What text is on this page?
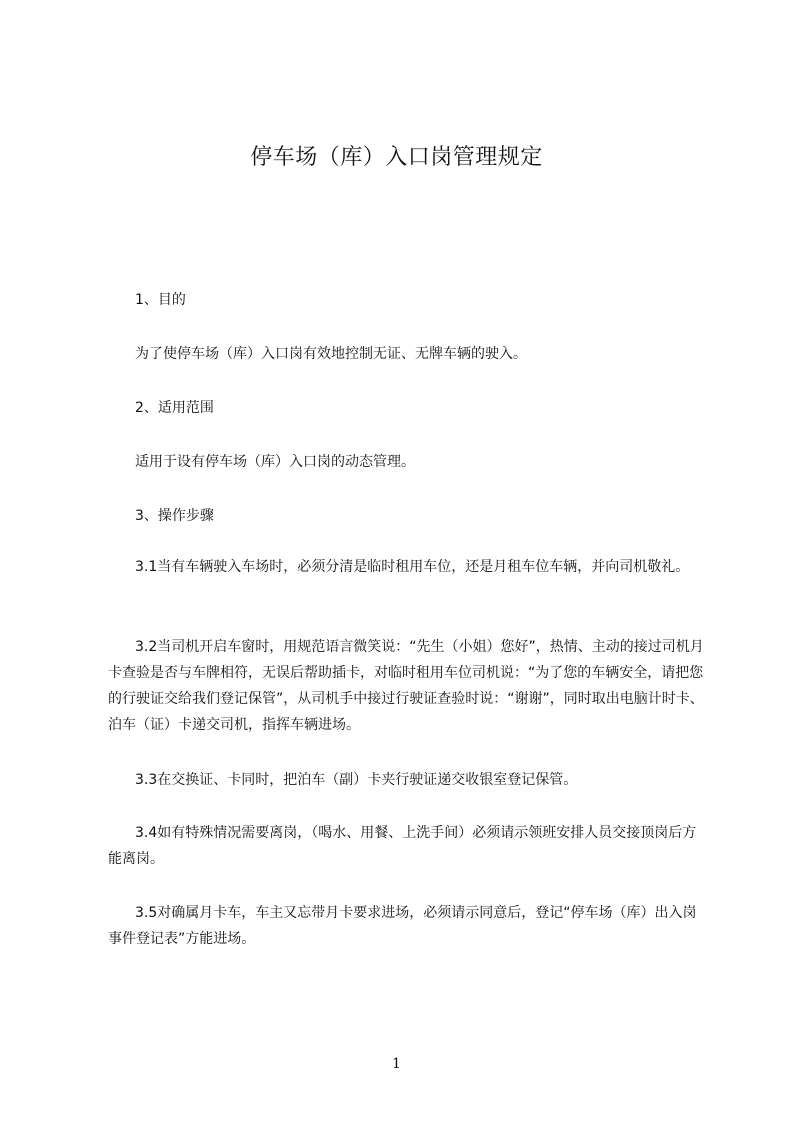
停车场（库）入口岗管理规定
1、目的
为了使停车场（库）入口岗有效地控制无证、无牌车辆的驶入。
2、适用范围
适用于设有停车场（库）入口岗的动态管理。
3、操作步骤
3.1当有车辆驶入车场时，必须分清是临时租用车位，还是月租车位车辆，并向司机敬礼。
3.2当司机开启车窗时，用规范语言微笑说：“先生（小姐）您好”，热情、主动的接过司机月卡查验是否与车牌相符，无误后帮助插卡，对临时租用车位司机说：“为了您的车辆安全，请把您的行驶证交给我们登记保管”，从司机手中接过行驶证查验时说：“谢谢”，同时取出电脑计时卡、泊车（证）卡递交司机，指挥车辆进场。
3.3在交换证、卡同时，把泊车（副）卡夹行驶证递交收银室登记保管。
3.4如有特殊情况需要离岗，（喝水、用餐、上洗手间）必须请示领班安排人员交接顶岗后方能离岗。
3.5对确属月卡车，车主又忘带月卡要求进场，必须请示同意后，登记“停车场（库）出入岗事件登记表”方能进场。
1
